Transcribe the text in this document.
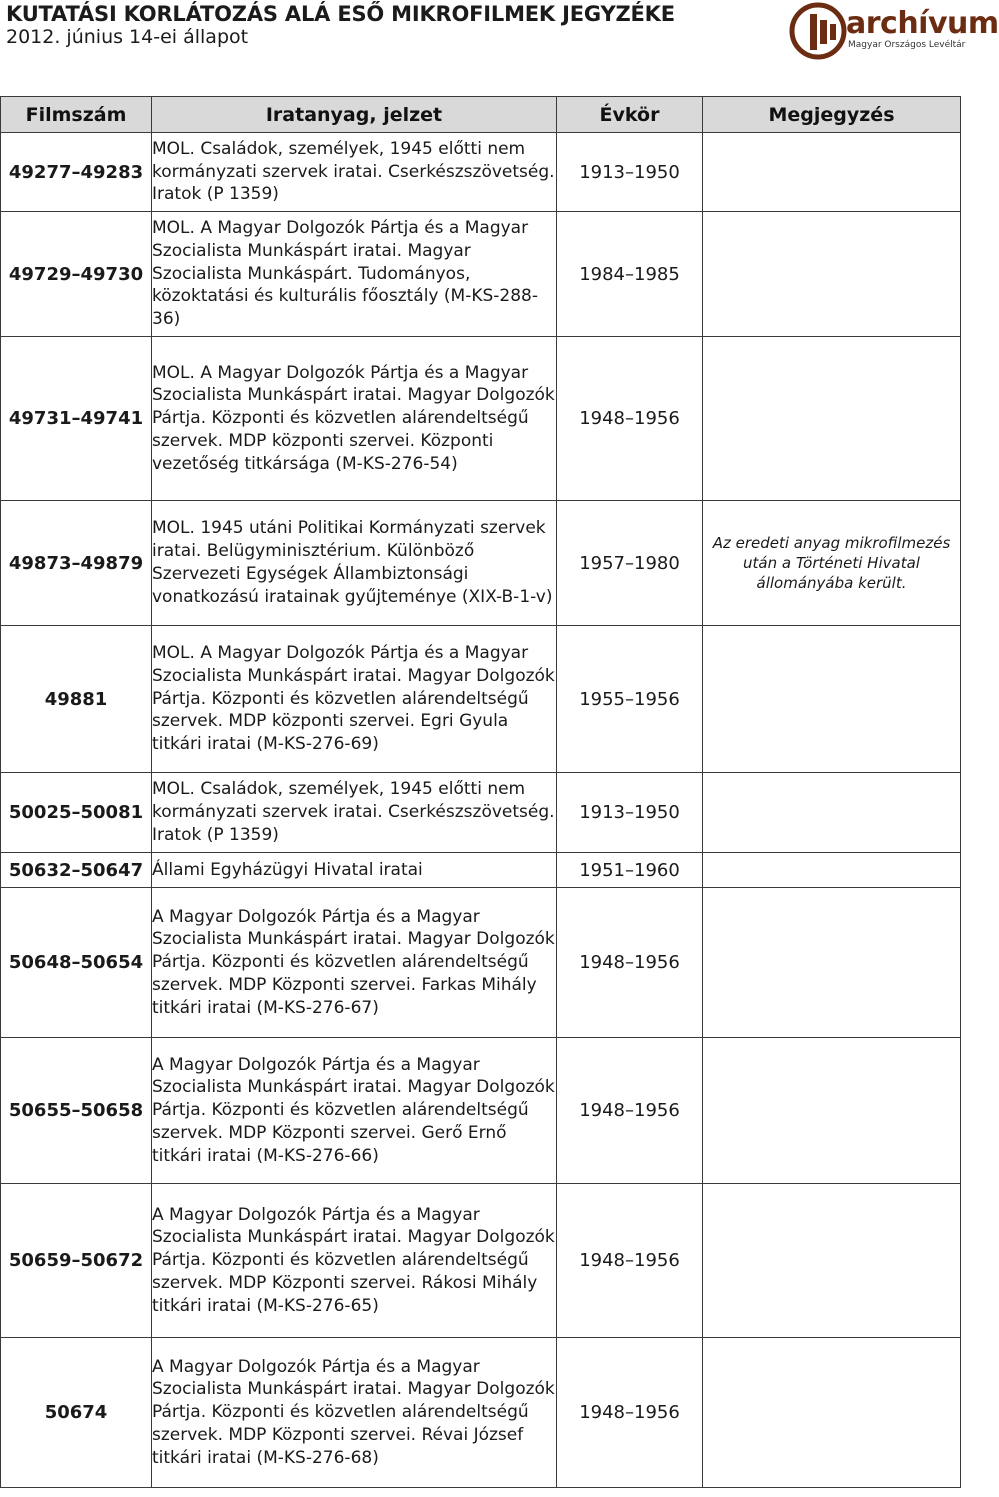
KUTATÁSI KORLÁTOZÁS ALÁ ESŐ MIKROFILMEK JEGYZÉKE
2012. június 14-ei állapot	archívum
Magyar Országos Levéltár
Filmszám	Iratanyag, jelzet	Évkör	Megjegyzés
49277–49283	MOL. Családok, személyek, 1945 előtti nem kormányzati szervek iratai. Cserkészszövetség. Iratok (P 1359)	1913–1950	
49729–49730	MOL. A Magyar Dolgozók Pártja és a Magyar Szocialista Munkáspárt iratai. Magyar Szocialista Munkáspárt. Tudományos, közoktatási és kulturális főosztály (M-KS-288-36)	1984–1985	
49731–49741	MOL. A Magyar Dolgozók Pártja és a Magyar Szocialista Munkáspárt iratai. Magyar Dolgozók Pártja. Központi és közvetlen alárendeltségű szervek. MDP központi szervei. Központi vezetőség titkársága (M-KS-276-54)	1948–1956	
49873–49879	MOL. 1945 utáni Politikai Kormányzati szervek iratai. Belügyminisztérium. Különböző Szervezeti Egységek Állambiztonsági vonatkozású iratainak gyűjteménye (XIX-B-1-v)	1957–1980	Az eredeti anyag mikrofilmezés után a Történeti Hivatal állományába került.
49881	MOL. A Magyar Dolgozók Pártja és a Magyar Szocialista Munkáspárt iratai. Magyar Dolgozók Pártja. Központi és közvetlen alárendeltségű szervek. MDP központi szervei. Egri Gyula titkári iratai (M-KS-276-69)	1955–1956	
50025–50081	MOL. Családok, személyek, 1945 előtti nem kormányzati szervek iratai. Cserkészszövetség. Iratok (P 1359)	1913–1950	
50632–50647	Állami Egyházügyi Hivatal iratai	1951–1960	
50648–50654	A Magyar Dolgozók Pártja és a Magyar Szocialista Munkáspárt iratai. Magyar Dolgozók Pártja. Központi és közvetlen alárendeltségű szervek. MDP Központi szervei. Farkas Mihály titkári iratai (M-KS-276-67)	1948–1956	
50655–50658	A Magyar Dolgozók Pártja és a Magyar Szocialista Munkáspárt iratai. Magyar Dolgozók Pártja. Központi és közvetlen alárendeltségű szervek. MDP Központi szervei. Gerő Ernő titkári iratai (M-KS-276-66)	1948–1956	
50659–50672	A Magyar Dolgozók Pártja és a Magyar Szocialista Munkáspárt iratai. Magyar Dolgozók Pártja. Központi és közvetlen alárendeltségű szervek. MDP Központi szervei. Rákosi Mihály titkári iratai (M-KS-276-65)	1948–1956	
50674	A Magyar Dolgozók Pártja és a Magyar Szocialista Munkáspárt iratai. Magyar Dolgozók Pártja. Központi és közvetlen alárendeltségű szervek. MDP Központi szervei. Révai József titkári iratai (M-KS-276-68)	1948–1956	
